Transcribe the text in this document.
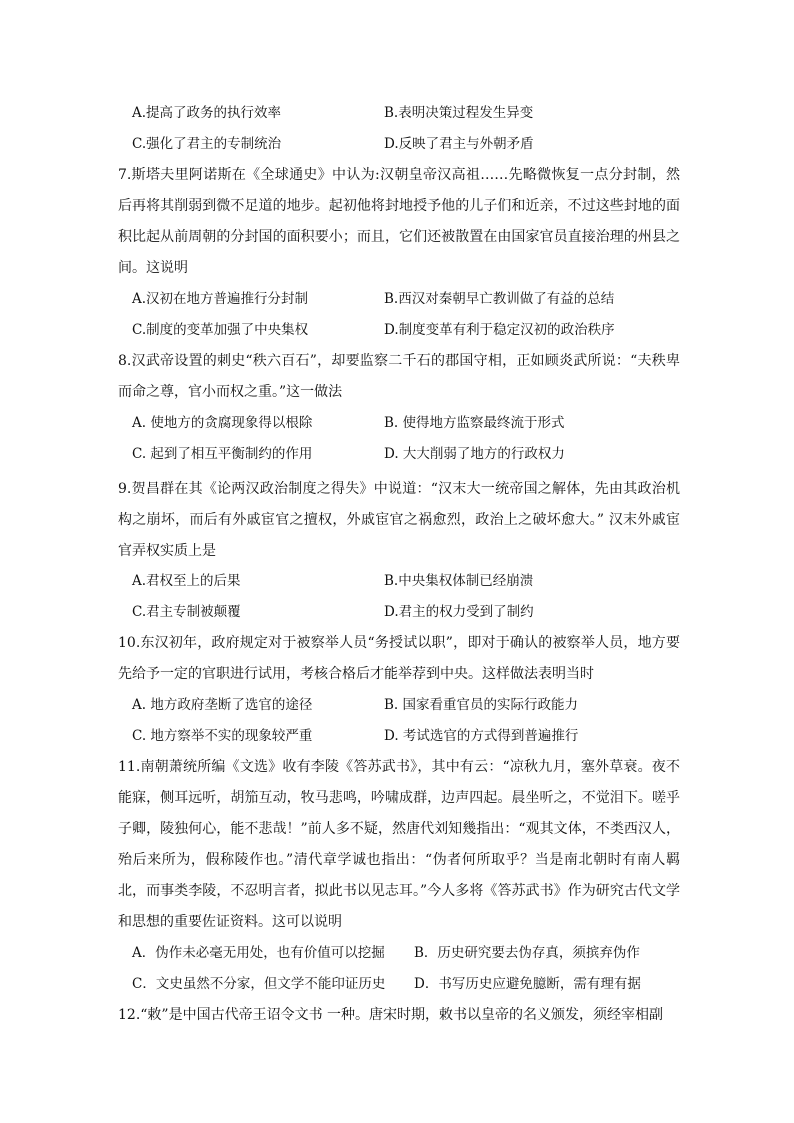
A.提高了政务的执行效率	B.表明决策过程发生异变
C.强化了君主的专制统治	D.反映了君主与外朝矛盾

7.斯塔夫里阿诺斯在《全球通史》中认为:汉朝皇帝汉高祖……先略微恢复一点分封制，然后再将其削弱到微不足道的地步。起初他将封地授予他的儿子们和近亲，不过这些封地的面积比起从前周朝的分封国的面积要小；而且，它们还被散置在由国家官员直接治理的州县之间。这说明

A.汉初在地方普遍推行分封制	B.西汉对秦朝早亡教训做了有益的总结
C.制度的变革加强了中央集权	D.制度变革有利于稳定汉初的政治秩序

8.汉武帝设置的刺史“秩六百石”，却要监察二千石的郡国守相，正如顾炎武所说：“夫秩卑而命之尊，官小而权之重。”这一做法

A. 使地方的贪腐现象得以根除	B. 使得地方监察最终流于形式
C. 起到了相互平衡制约的作用	D. 大大削弱了地方的行政权力

9.贺昌群在其《论两汉政治制度之得失》中说道：“汉末大一统帝国之解体，先由其政治机构之崩坏，而后有外戚宦官之擅权，外戚宦官之祸愈烈，政治上之破坏愈大。” 汉末外戚宦官弄权实质上是

A.君权至上的后果	B.中央集权体制已经崩溃
C.君主专制被颠覆	D.君主的权力受到了制约

10.东汉初年，政府规定对于被察举人员“务授试以职”，即对于确认的被察举人员，地方要先给予一定的官职进行试用，考核合格后才能举荐到中央。这样做法表明当时

A. 地方政府垄断了选官的途径	B. 国家看重官员的实际行政能力
C. 地方察举不实的现象较严重	D. 考试选官的方式得到普遍推行

11.南朝萧统所编《文选》收有李陵《答苏武书》，其中有云：“凉秋九月，塞外草衰。夜不能寐，侧耳远听，胡笳互动，牧马悲鸣，吟啸成群，边声四起。晨坐听之，不觉泪下。嗟乎子卿，陵独何心，能不悲哉！”前人多不疑，然唐代刘知幾指出：“观其文体，不类西汉人，殆后来所为，假称陵作也。”清代章学诚也指出：“伪者何所取乎？当是南北朝时有南人羁北，而事类李陵，不忍明言者，拟此书以见志耳。”今人多将《答苏武书》作为研究古代文学和思想的重要佐证资料。这可以说明

A．伪作未必毫无用处，也有价值可以挖掘	B．历史研究要去伪存真，须摈弃伪作
C．文史虽然不分家，但文学不能印证历史	D．书写历史应避免臆断，需有理有据

12.“敕”是中国古代帝王诏令文书 一种。唐宋时期，敕书以皇帝的名义颁发，须经宰相副
